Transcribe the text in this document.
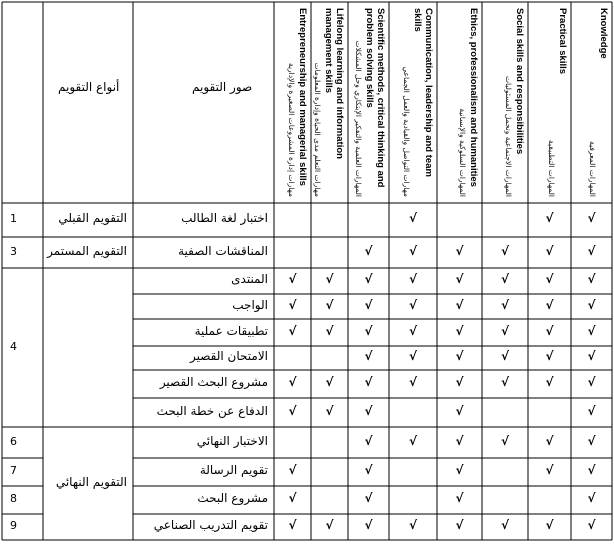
أنواع التقويم	صور التقويم
Knowledge
المهارات المعرفية
Practical skills
المهارات التطبيقية
Social skills and responsibilities
المهارات الاجتماعية وتحمل المسئوليات
Ethics, professionalism and humanities
المهارات السلوكية والإنسانية
Communication, leadership and team skills
مهارات التواصل والقيادية والعمل الجماعي
Scientific methods, critical thinking and problem solving skills
المهارات العلمية والتفكير الإبتكاري وحل المشكلات
Lifelong learning and information management skills
مهارات التعلم مدى الحياة وإدارة المعلومات
Entrepreneurship and managerial skills
مهارات إدارة المشروعات الصغيرة والإدارية
1
3
4
6
7
8
9
التقويم القبلي
التقويم المستمر
التقويم النهائي
اختبار لغة الطالب
المناقشات الصفية
المنتدى
الواجب
تطبيقات عملية
الامتحان القصير
مشروع البحث القصير
الدفاع عن خطة البحث
الاختبار النهائي
تقويم الرسالة
مشروع البحث
تقويم التدريب الصناعي
√
√
√
√
√
√
√
√
√
√
√
√
√
√
√
√
√
√
√
√
√
√
√
√
√
√
√
√
√
√
√
√
√
√
√
√
√
√
√
√
√
√
√
√
√
√
√
√
√
√
√
√
√
√
√
√
√
√
√
√
√
√
√
√
√
√
√
√
√
√
√
√
√
√
√
